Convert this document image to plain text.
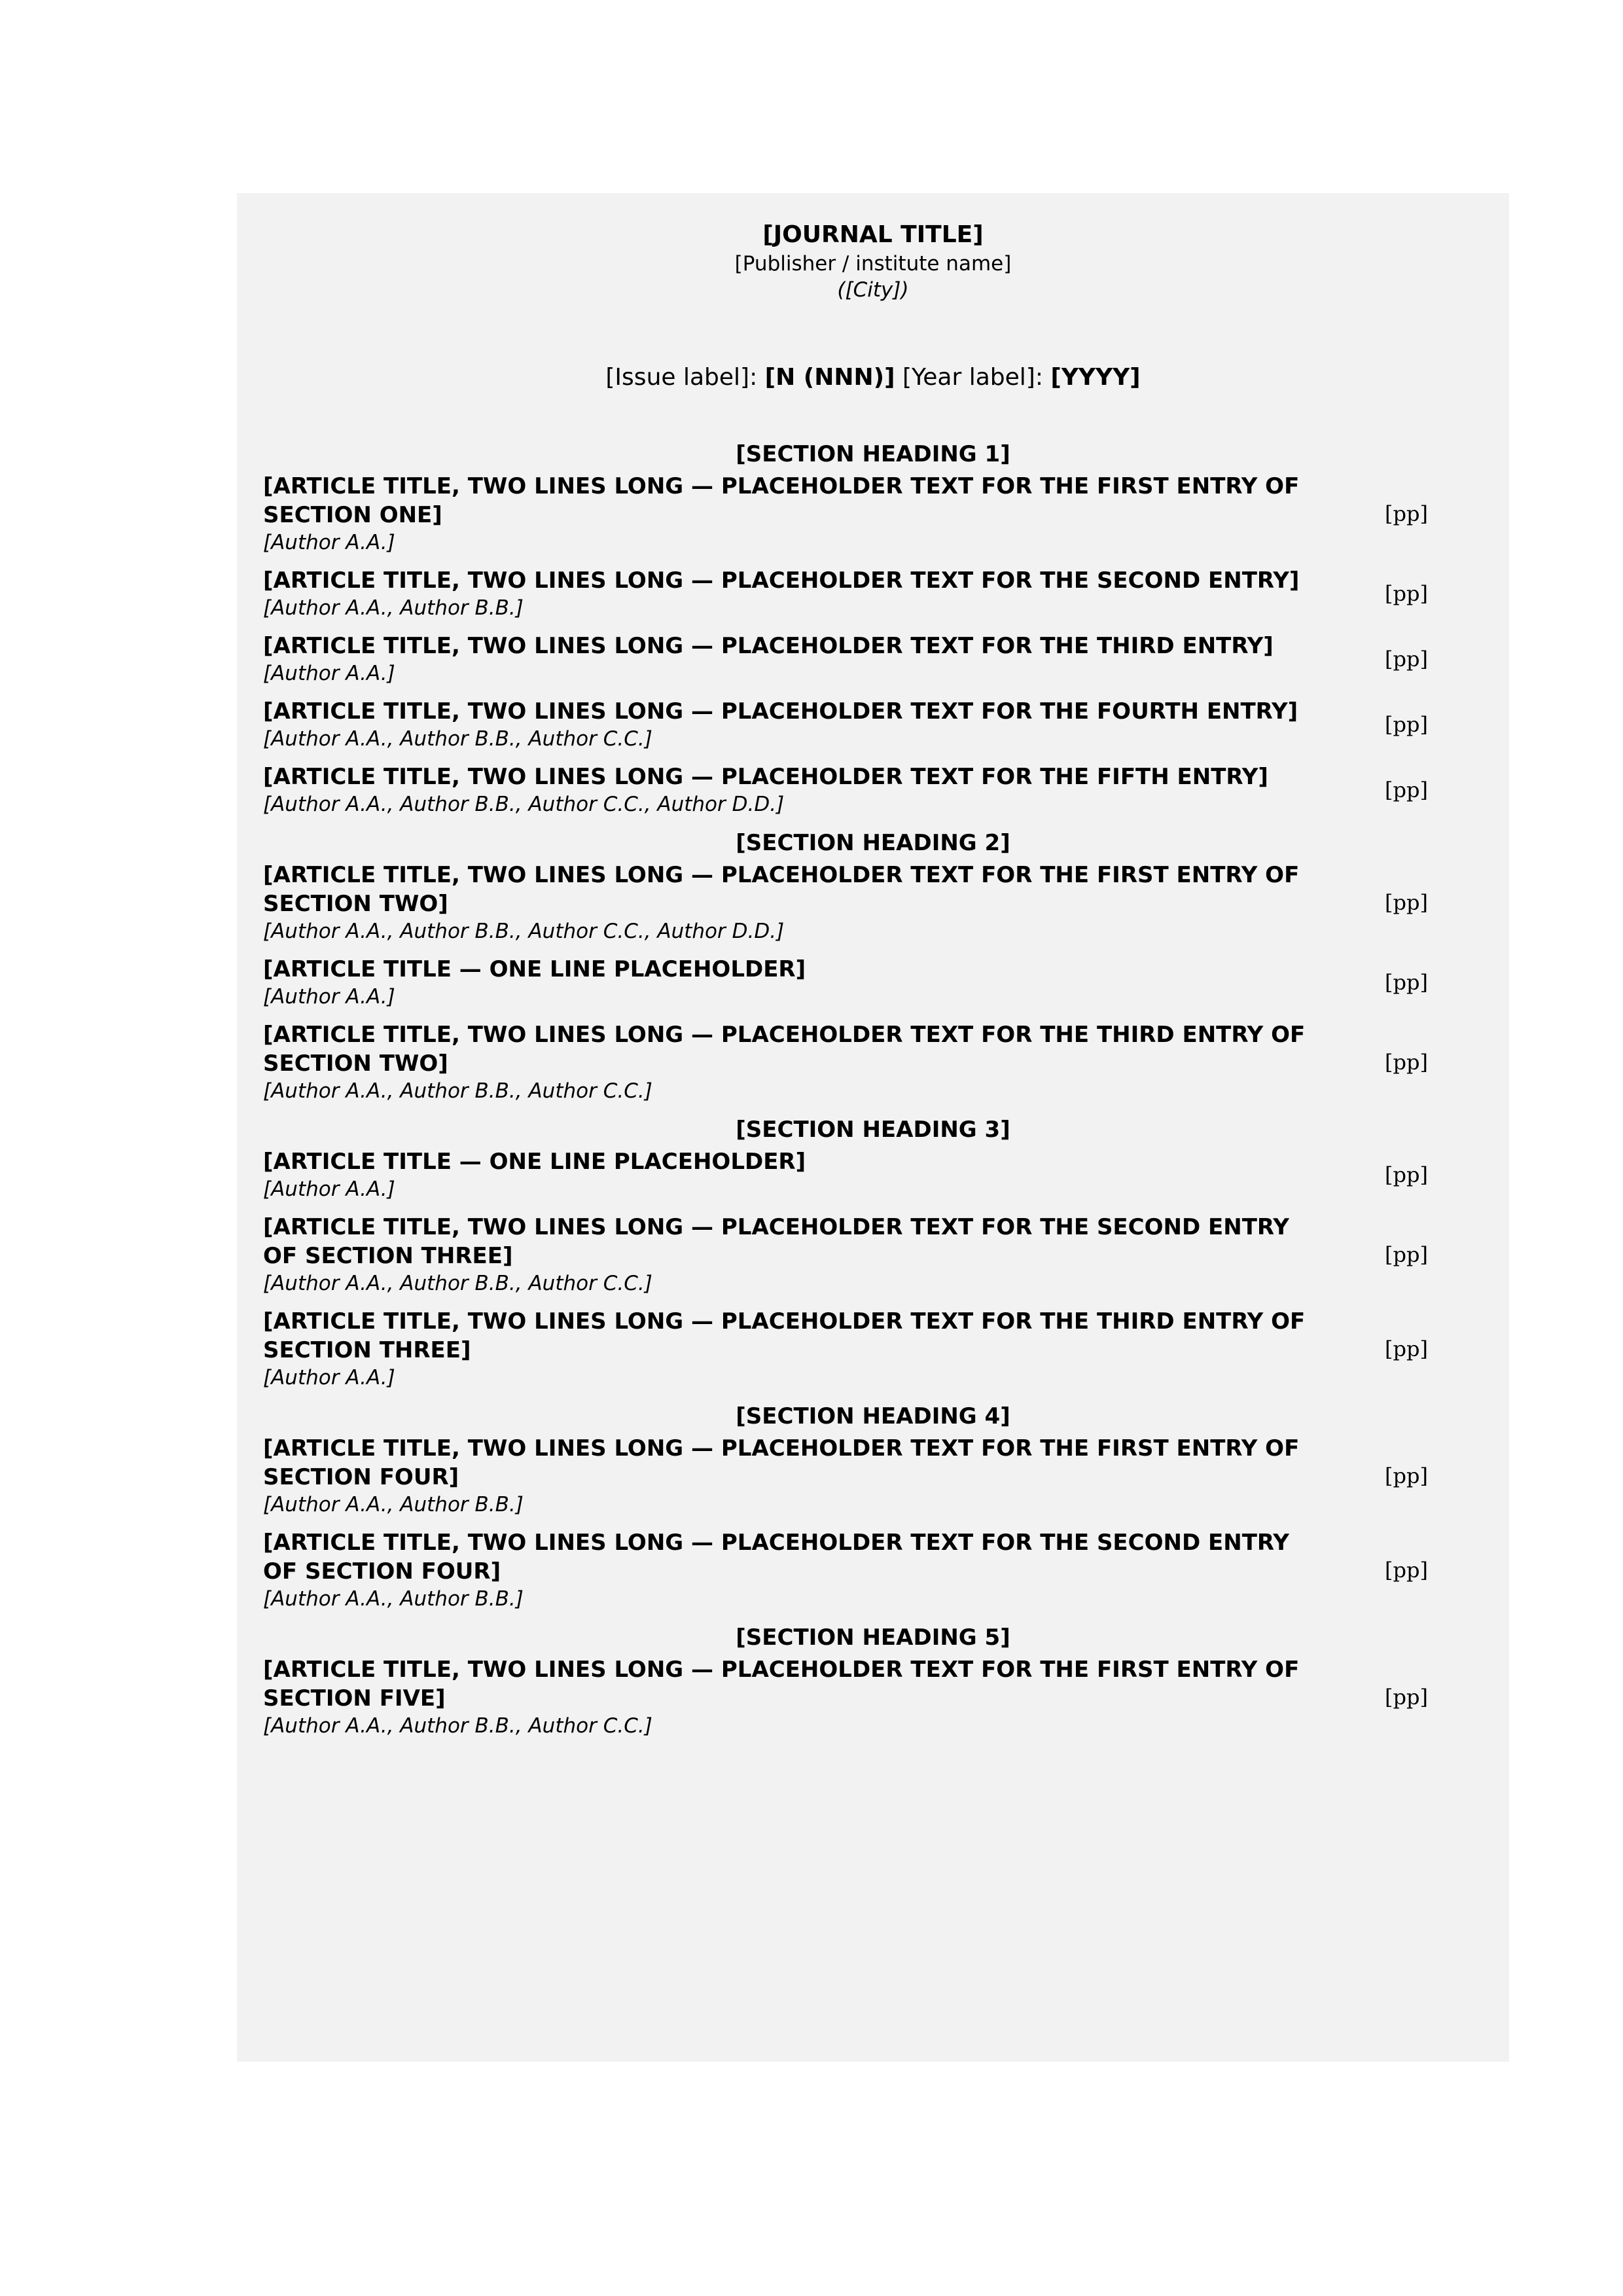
[JOURNAL TITLE]
[Publisher / institute name]
([City])
[Issue label]: [N (NNN)] [Year label]: [YYYY]
[SECTION HEADING 1]
[ARTICLE TITLE, TWO LINES LONG — PLACEHOLDER TEXT FOR THE FIRST ENTRY OF SECTION ONE]
[Author A.A.]
[pp]
[ARTICLE TITLE, TWO LINES LONG — PLACEHOLDER TEXT FOR THE SECOND ENTRY]
[Author A.A., Author B.B.]
[pp]
[ARTICLE TITLE, TWO LINES LONG — PLACEHOLDER TEXT FOR THE THIRD ENTRY]
[Author A.A.]
[pp]
[ARTICLE TITLE, TWO LINES LONG — PLACEHOLDER TEXT FOR THE FOURTH ENTRY]
[Author A.A., Author B.B., Author C.C.]
[pp]
[ARTICLE TITLE, TWO LINES LONG — PLACEHOLDER TEXT FOR THE FIFTH ENTRY]
[Author A.A., Author B.B., Author C.C., Author D.D.]
[pp]
[SECTION HEADING 2]
[ARTICLE TITLE, TWO LINES LONG — PLACEHOLDER TEXT FOR THE FIRST ENTRY OF SECTION TWO]
[Author A.A., Author B.B., Author C.C., Author D.D.]
[pp]
[ARTICLE TITLE — ONE LINE PLACEHOLDER]
[Author A.A.]
[pp]
[ARTICLE TITLE, TWO LINES LONG — PLACEHOLDER TEXT FOR THE THIRD ENTRY OF SECTION TWO]
[Author A.A., Author B.B., Author C.C.]
[pp]
[SECTION HEADING 3]
[ARTICLE TITLE — ONE LINE PLACEHOLDER]
[Author A.A.]
[pp]
[ARTICLE TITLE, TWO LINES LONG — PLACEHOLDER TEXT FOR THE SECOND ENTRY OF SECTION THREE]
[Author A.A., Author B.B., Author C.C.]
[pp]
[ARTICLE TITLE, TWO LINES LONG — PLACEHOLDER TEXT FOR THE THIRD ENTRY OF SECTION THREE]
[Author A.A.]
[pp]
[SECTION HEADING 4]
[ARTICLE TITLE, TWO LINES LONG — PLACEHOLDER TEXT FOR THE FIRST ENTRY OF SECTION FOUR]
[Author A.A., Author B.B.]
[pp]
[ARTICLE TITLE, TWO LINES LONG — PLACEHOLDER TEXT FOR THE SECOND ENTRY OF SECTION FOUR]
[Author A.A., Author B.B.]
[pp]
[SECTION HEADING 5]
[ARTICLE TITLE, TWO LINES LONG — PLACEHOLDER TEXT FOR THE FIRST ENTRY OF SECTION FIVE]
[Author A.A., Author B.B., Author C.C.]
[pp]
